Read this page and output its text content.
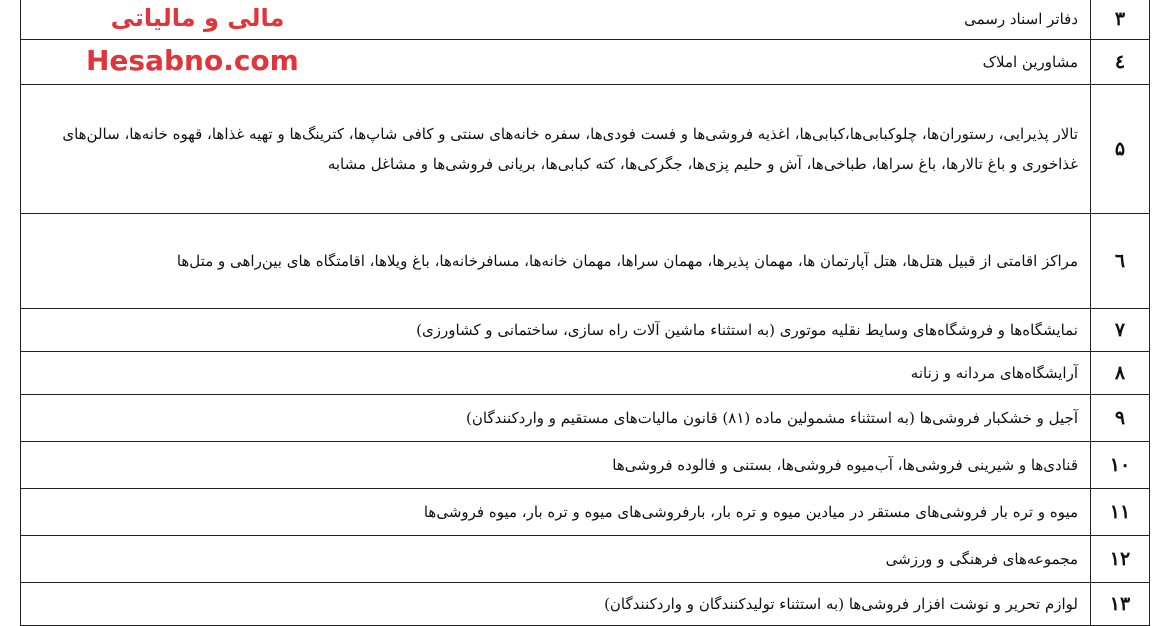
۳	دفاتر اسناد رسمی
٤	مشاورین املاک
۵	تالار پذیرایی، رستوران‌ها، چلوکبابی‌ها،کبابی‌ها، اغذیه فروشی‌ها و فست فودی‌ها، سفره خانه‌های سنتی و کافی شاپ‌ها، کترینگ‌ها و تهیه غذاها، قهوه خانه‌ها، سالن‌های غذاخوری و باغ تالارها، باغ سراها، طباخی‌ها، آش و حلیم پزی‌ها، جگرکی‌ها، کته کبابی‌ها، بریانی فروشی‌ها و مشاغل مشابه
٦	مراکز اقامتی از قبیل هتل‌ها، هتل آپارتمان ها، مهمان پذیرها، مهمان سراها، مهمان خانه‌ها، مسافرخانه‌ها، باغ ویلاها، اقامتگاه های بین‌راهی و متل‌ها
۷	نمایشگاه‌ها و فروشگاه‌های وسایط نقلیه موتوری (به استثناء ماشین آلات راه سازی، ساختمانی و کشاورزی)
۸	آرایشگاه‌های مردانه و زنانه
۹	آجیل و خشکبار فروشی‌ها (به استثناء مشمولین ماده (۸۱) قانون مالیات‌های مستقیم و واردکنندگان)
۱۰	قنادی‌ها و شیرینی فروشی‌ها، آب‌میوه فروشی‌ها، بستنی و فالوده فروشی‌ها
۱۱	میوه و تره بار فروشی‌های مستقر در میادین میوه و تره بار، بارفروشی‌های میوه و تره بار، میوه فروشی‌ها
۱۲	مجموعه‌های فرهنگی و ورزشی
۱۳	لوازم تحریر و نوشت افزار فروشی‌ها (به استثناء تولیدکنندگان و واردکنندگان)
مالی و مالیاتی
Hesabno.com
